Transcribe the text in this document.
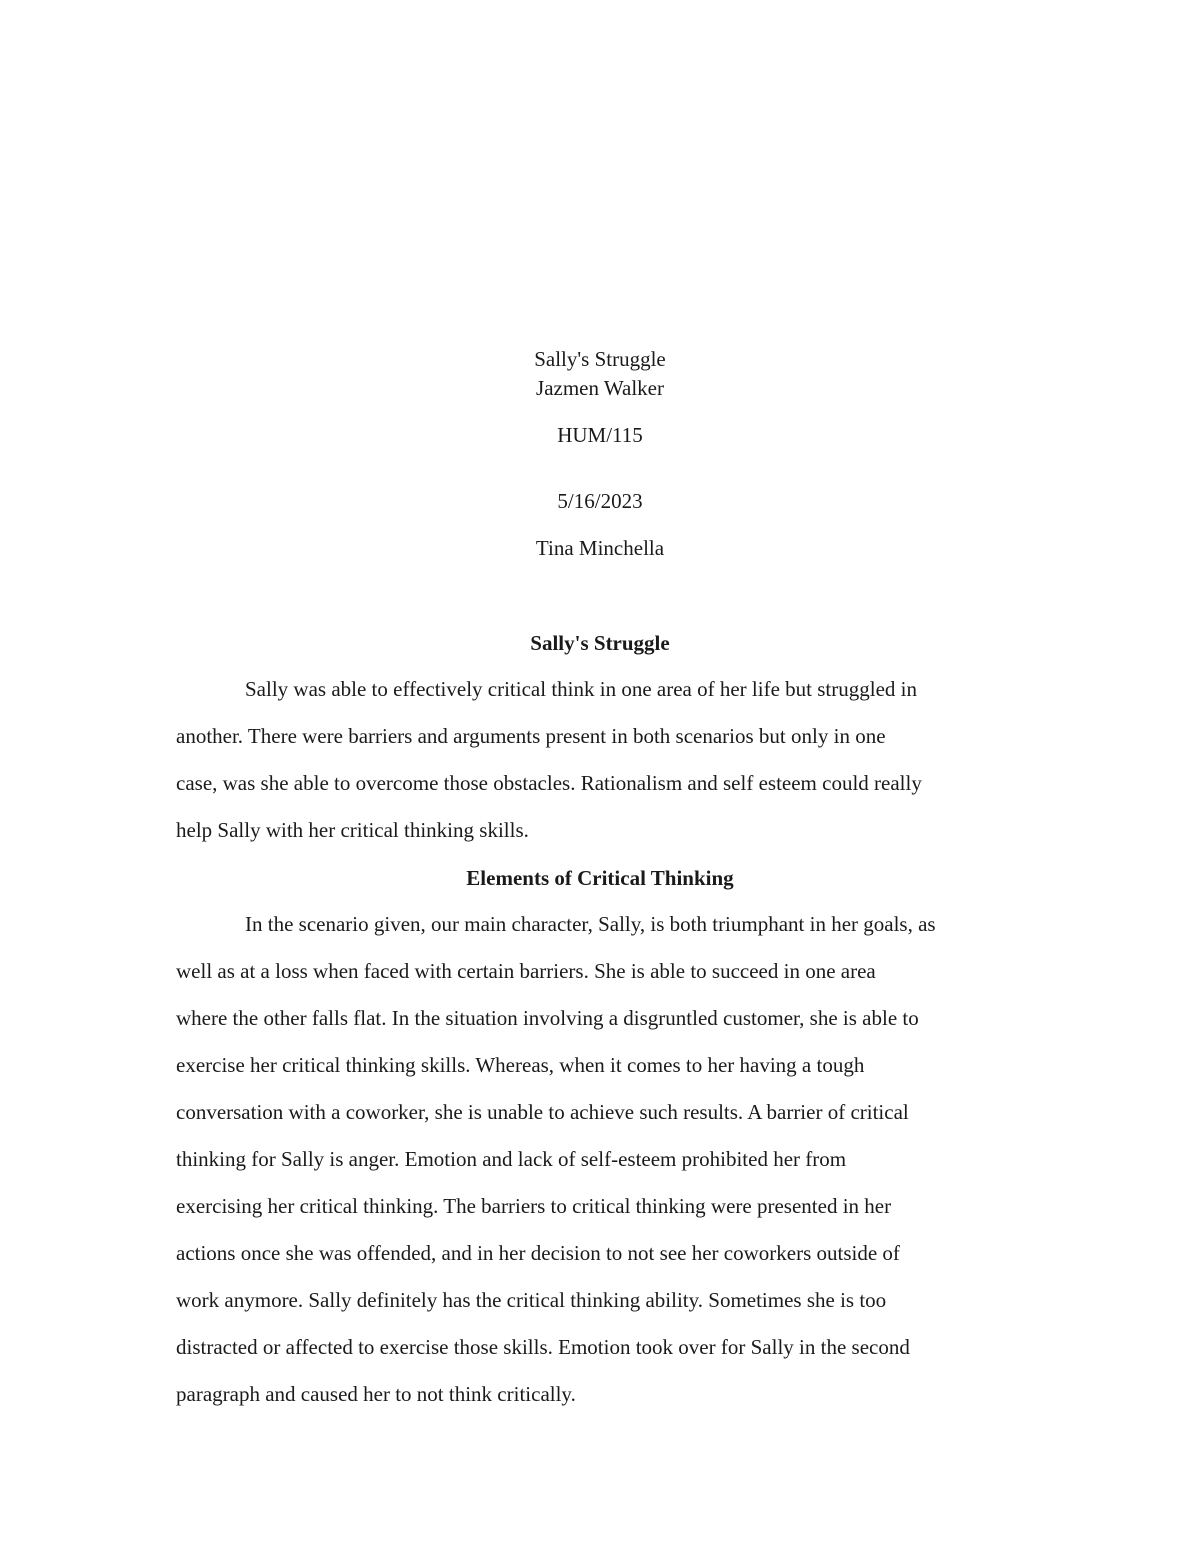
Sally's Struggle
Jazmen Walker
HUM/115
5/16/2023
Tina Minchella
Sally's Struggle
Sally was able to effectively critical think in one area of her life but struggled in
another. There were barriers and arguments present in both scenarios but only in one
case, was she able to overcome those obstacles. Rationalism and self esteem could really
help Sally with her critical thinking skills.
Elements of Critical Thinking
In the scenario given, our main character, Sally, is both triumphant in her goals, as
well as at a loss when faced with certain barriers. She is able to succeed in one area
where the other falls flat. In the situation involving a disgruntled customer, she is able to
exercise her critical thinking skills. Whereas, when it comes to her having a tough
conversation with a coworker, she is unable to achieve such results. A barrier of critical
thinking for Sally is anger. Emotion and lack of self-esteem prohibited her from
exercising her critical thinking. The barriers to critical thinking were presented in her
actions once she was offended, and in her decision to not see her coworkers outside of
work anymore. Sally definitely has the critical thinking ability. Sometimes she is too
distracted or affected to exercise those skills. Emotion took over for Sally in the second
paragraph and caused her to not think critically.
